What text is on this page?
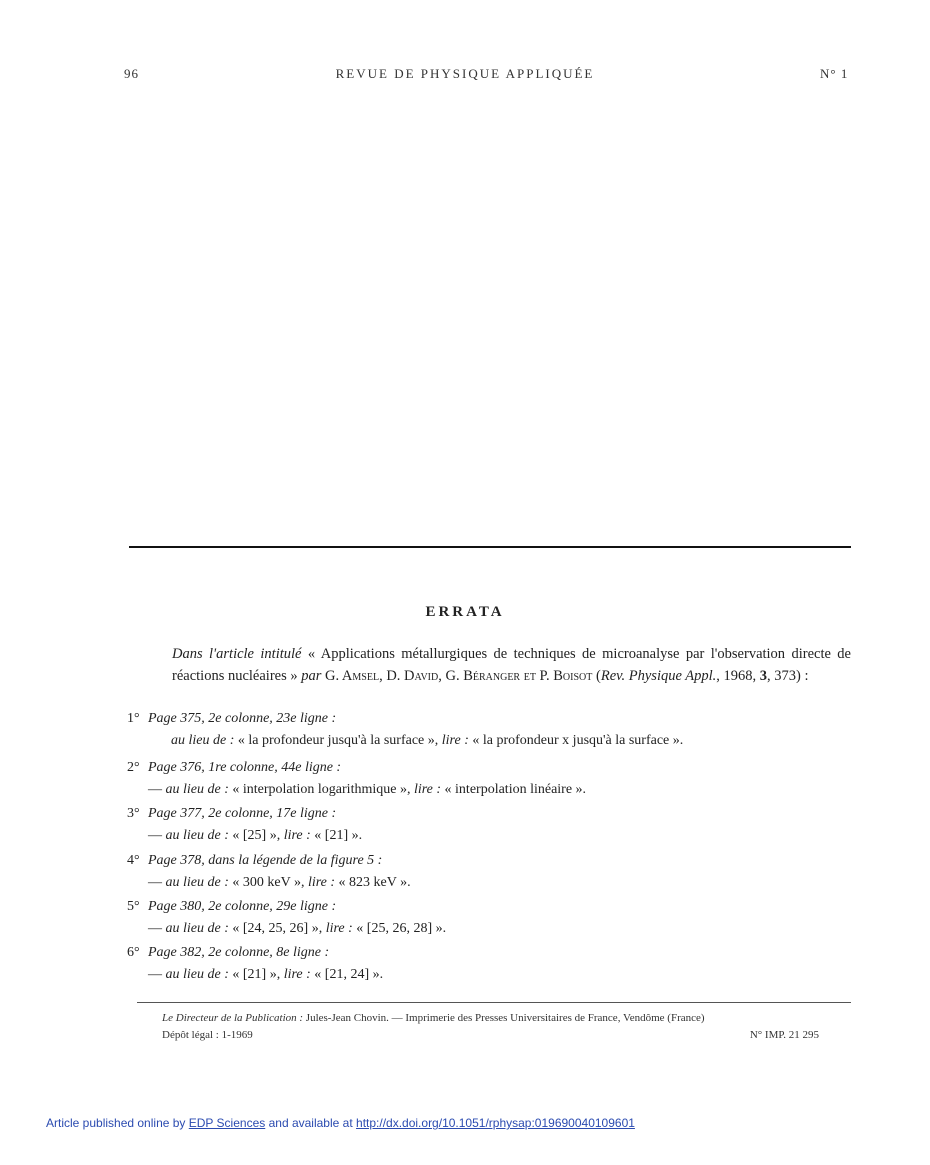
96	REVUE DE PHYSIQUE APPLIQUÉE	N° 1
ERRATA
Dans l'article intitulé « Applications métallurgiques de techniques de microanalyse par l'observation directe de réactions nucléaires » par G. Amsel, D. David, G. Béranger et P. Boisot (Rev. Physique Appl., 1968, 3, 373) :
1° Page 375, 2e colonne, 23e ligne :
au lieu de : « la profondeur jusqu'à la surface », lire : « la profondeur x jusqu'à la surface ».
2° Page 376, 1re colonne, 44e ligne :
— au lieu de : « interpolation logarithmique », lire : « interpolation linéaire ».
3° Page 377, 2e colonne, 17e ligne :
— au lieu de : « [25] », lire : « [21] ».
4° Page 378, dans la légende de la figure 5 :
— au lieu de : « 300 keV », lire : « 823 keV ».
5° Page 380, 2e colonne, 29e ligne :
— au lieu de : « [24, 25, 26] », lire : « [25, 26, 28] ».
6° Page 382, 2e colonne, 8e ligne :
— au lieu de : « [21] », lire : « [21, 24] ».
Le Directeur de la Publication : Jules-Jean Chovin. — Imprimerie des Presses Universitaires de France, Vendôme (France)
Dépôt légal : 1-1969	N° IMP. 21 295
Article published online by EDP Sciences and available at http://dx.doi.org/10.1051/rphysap:019690040109601
